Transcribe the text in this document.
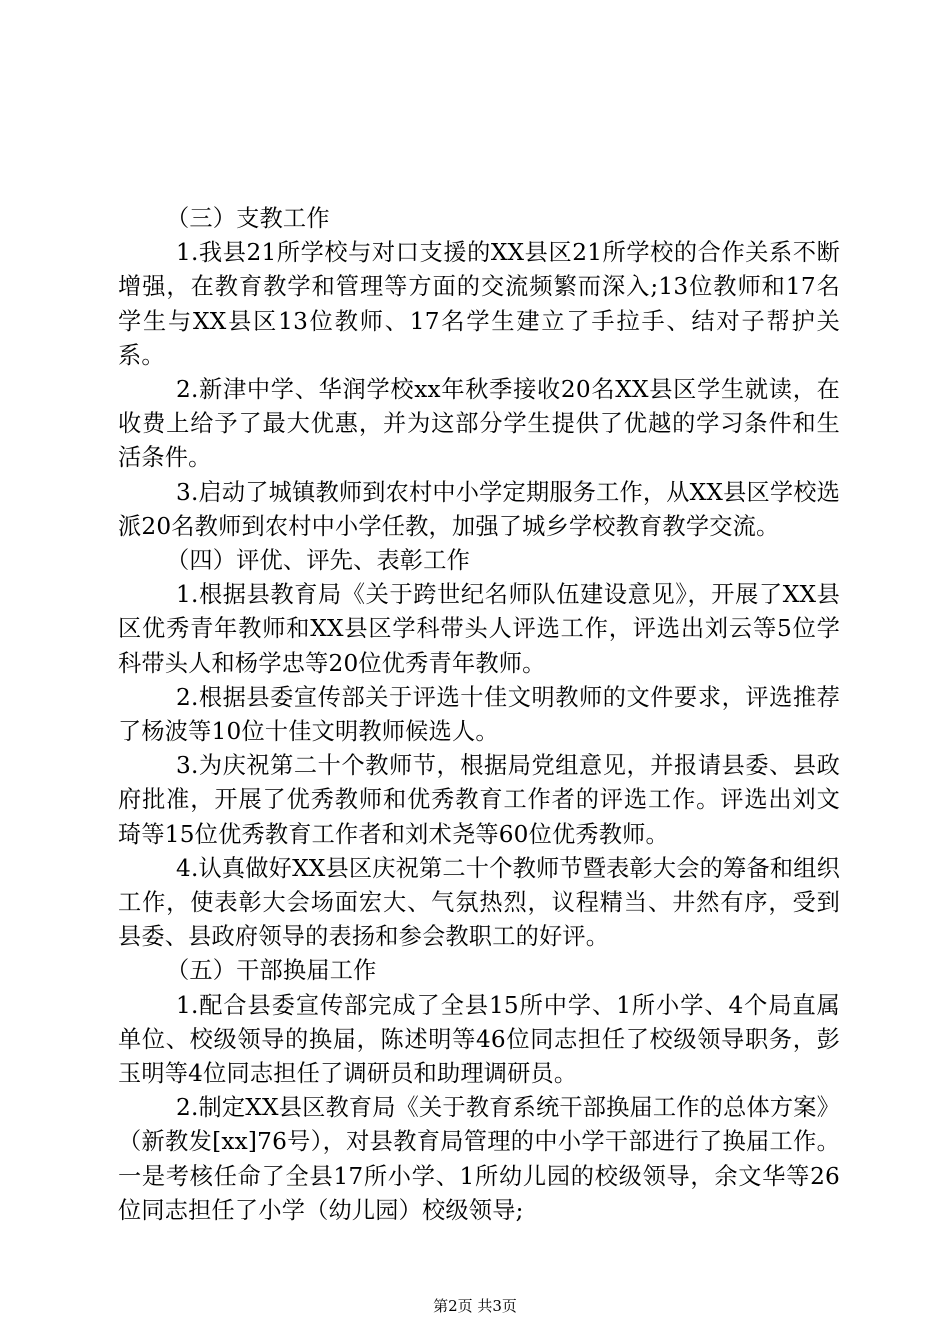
（三）支教工作

1.我县21所学校与对口支援的XX县区21所学校的合作关系不断增强，在教育教学和管理等方面的交流频繁而深入;13位教师和17名学生与XX县区13位教师、17名学生建立了手拉手、结对子帮护关系。

2.新津中学、华润学校xx年秋季接收20名XX县区学生就读，在收费上给予了最大优惠，并为这部分学生提供了优越的学习条件和生活条件。

3.启动了城镇教师到农村中小学定期服务工作，从XX县区学校选派20名教师到农村中小学任教，加强了城乡学校教育教学交流。

（四）评优、评先、表彰工作

1.根据县教育局《关于跨世纪名师队伍建设意见》，开展了XX县区优秀青年教师和XX县区学科带头人评选工作，评选出刘云等5位学科带头人和杨学忠等20位优秀青年教师。

2.根据县委宣传部关于评选十佳文明教师的文件要求，评选推荐了杨波等10位十佳文明教师候选人。

3.为庆祝第二十个教师节，根据局党组意见，并报请县委、县政府批准，开展了优秀教师和优秀教育工作者的评选工作。评选出刘文琦等15位优秀教育工作者和刘术尧等60位优秀教师。

4.认真做好XX县区庆祝第二十个教师节暨表彰大会的筹备和组织工作，使表彰大会场面宏大、气氛热烈，议程精当、井然有序，受到县委、县政府领导的表扬和参会教职工的好评。

（五）干部换届工作

1.配合县委宣传部完成了全县15所中学、1所小学、4个局直属单位、校级领导的换届，陈述明等46位同志担任了校级领导职务，彭玉明等4位同志担任了调研员和助理调研员。

2.制定XX县区教育局《关于教育系统干部换届工作的总体方案》（新教发[xx]76号），对县教育局管理的中小学干部进行了换届工作。一是考核任命了全县17所小学、1所幼儿园的校级领导，余文华等26位同志担任了小学（幼儿园）校级领导;

第2页 共3页
